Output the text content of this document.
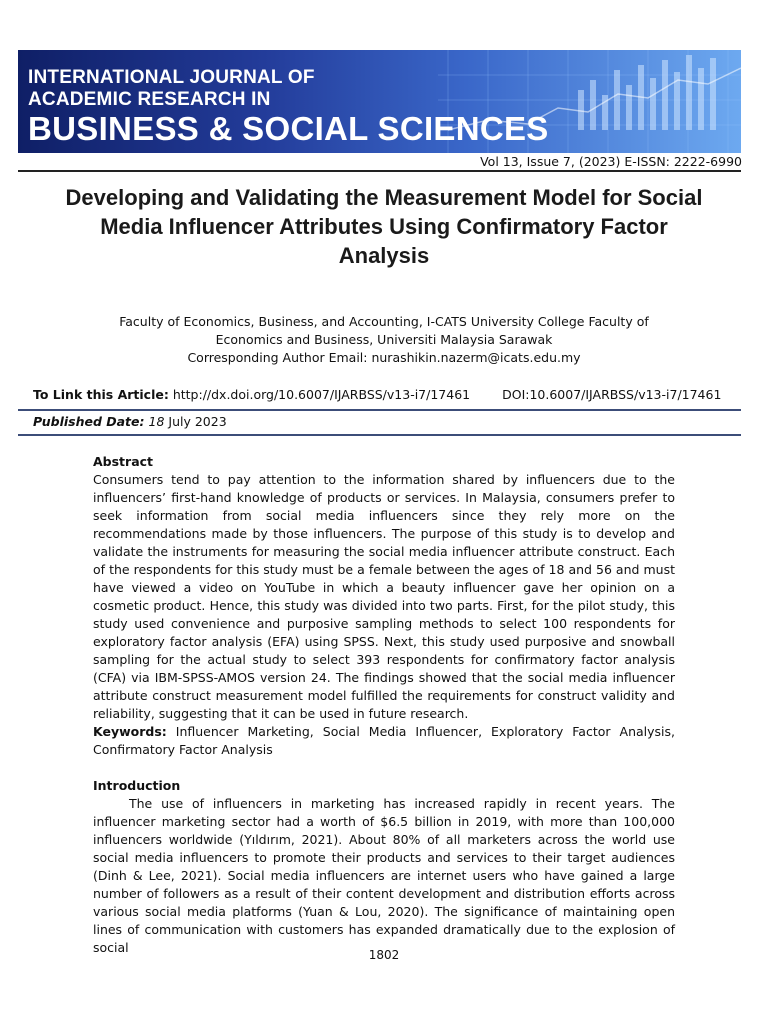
INTERNATIONAL JOURNAL OF
ACADEMIC RESEARCH IN
BUSINESS & SOCIAL SCIENCES
Vol 13, Issue 7, (2023) E-ISSN: 2222-6990
Developing and Validating the Measurement Model for Social Media Influencer Attributes Using Confirmatory Factor Analysis
Faculty of Economics, Business, and Accounting, I-CATS University College Faculty of
Economics and Business, Universiti Malaysia Sarawak
Corresponding Author Email: nurashikin.nazerm@icats.edu.my
To Link this Article: http://dx.doi.org/10.6007/IJARBSS/v13-i7/17461	DOI:10.6007/IJARBSS/v13-i7/17461
Published Date: 18 July 2023

Abstract

Consumers tend to pay attention to the information shared by influencers due to the influencers’ first-hand knowledge of products or services. In Malaysia, consumers prefer to seek information from social media influencers since they rely more on the recommendations made by those influencers. The purpose of this study is to develop and validate the instruments for measuring the social media influencer attribute construct. Each of the respondents for this study must be a female between the ages of 18 and 56 and must have viewed a video on YouTube in which a beauty influencer gave her opinion on a cosmetic product. Hence, this study was divided into two parts. First, for the pilot study, this study used convenience and purposive sampling methods to select 100 respondents for exploratory factor analysis (EFA) using SPSS. Next, this study used purposive and snowball sampling for the actual study to select 393 respondents for confirmatory factor analysis (CFA) via IBM-SPSS-AMOS version 24. The findings showed that the social media influencer attribute construct measurement model fulfilled the requirements for construct validity and reliability, suggesting that it can be used in future research.

Keywords: Influencer Marketing, Social Media Influencer, Exploratory Factor Analysis, Confirmatory Factor Analysis

Introduction

The use of influencers in marketing has increased rapidly in recent years. The influencer marketing sector had a worth of $6.5 billion in 2019, with more than 100,000 influencers worldwide (Yıldırım, 2021). About 80% of all marketers across the world use social media influencers to promote their products and services to their target audiences (Dinh & Lee, 2021). Social media influencers are internet users who have gained a large number of followers as a result of their content development and distribution efforts across various social media platforms (Yuan & Lou, 2020). The significance of maintaining open lines of communication with customers has expanded dramatically due to the explosion of social	1802
